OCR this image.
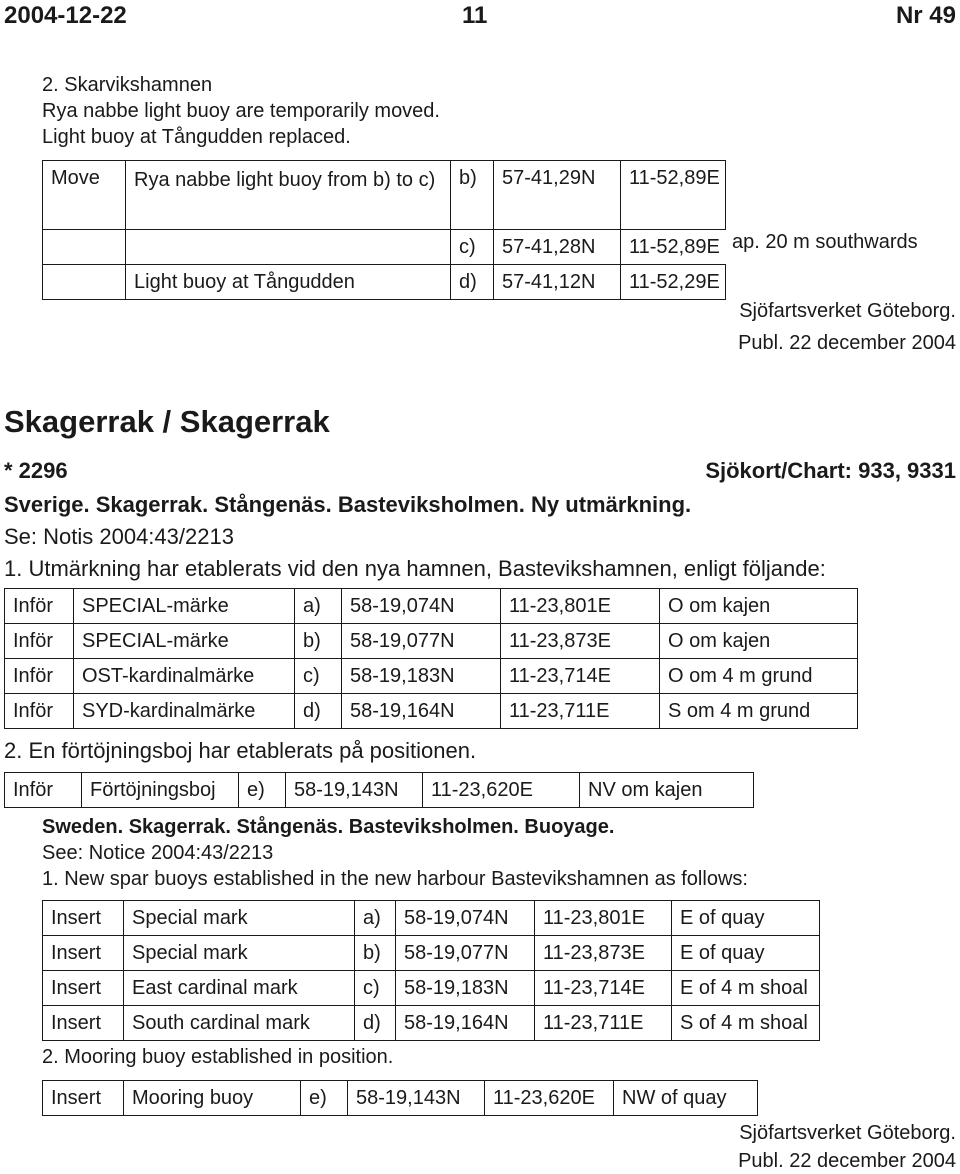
2004-12-22	11	Nr 49
2. Skarvikshamnen
Rya nabbe light buoy are temporarily moved.
Light buoy at Tångudden replaced.
Move	Rya nabbe light buoy from b) to c)	b)	57-41,29N	11-52,89E
		c)	57-41,28N	11-52,89E
	Light buoy at Tångudden	d)	57-41,12N	11-52,29E
ap. 20 m southwards
Sjöfartsverket Göteborg.
Publ. 22 december 2004
Skagerrak / Skagerrak
* 2296	Sjökort/Chart: 933, 9331
Sverige. Skagerrak. Stångenäs. Basteviksholmen. Ny utmärkning.
Se: Notis 2004:43/2213
1. Utmärkning har etablerats vid den nya hamnen, Bastevikshamnen, enligt följande:
Inför	SPECIAL-märke	a)	58-19,074N	11-23,801E	O om kajen
Inför	SPECIAL-märke	b)	58-19,077N	11-23,873E	O om kajen
Inför	OST-kardinalmärke	c)	58-19,183N	11-23,714E	O om 4 m grund
Inför	SYD-kardinalmärke	d)	58-19,164N	11-23,711E	S om 4 m grund
2. En förtöjningsboj har etablerats på positionen.
Inför	Förtöjningsboj	e)	58-19,143N	11-23,620E	NV om kajen
Sweden. Skagerrak. Stångenäs. Basteviksholmen. Buoyage.
See: Notice 2004:43/2213
1. New spar buoys established in the new harbour Bastevikshamnen as follows:
Insert	Special mark	a)	58-19,074N	11-23,801E	E of quay
Insert	Special mark	b)	58-19,077N	11-23,873E	E of quay
Insert	East cardinal mark	c)	58-19,183N	11-23,714E	E of 4 m shoal
Insert	South cardinal mark	d)	58-19,164N	11-23,711E	S of 4 m shoal
2. Mooring buoy established in position.
Insert	Mooring buoy	e)	58-19,143N	11-23,620E	NW of quay
Sjöfartsverket Göteborg.
Publ. 22 december 2004
